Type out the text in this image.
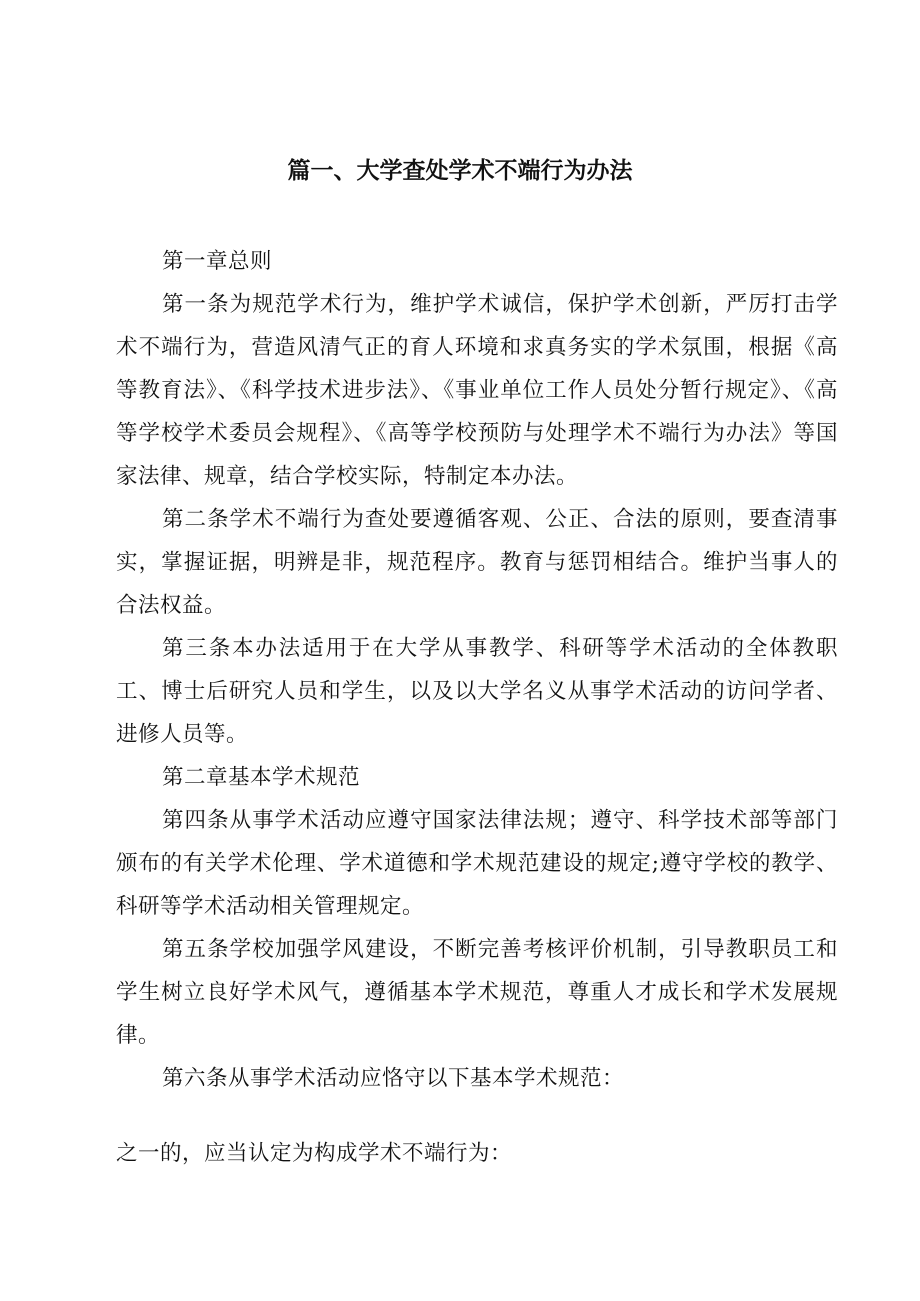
篇一、大学查处学术不端行为办法

第一章总则

第一条为规范学术行为，维护学术诚信，保护学术创新，严厉打击学术不端行为，营造风清气正的育人环境和求真务实的学术氛围，根据《高等教育法》、《科学技术进步法》、《事业单位工作人员处分暂行规定》、《高等学校学术委员会规程》、《高等学校预防与处理学术不端行为办法》等国家法律、规章，结合学校实际，特制定本办法。

第二条学术不端行为查处要遵循客观、公正、合法的原则，要查清事实，掌握证据，明辨是非，规范程序。教育与惩罚相结合。维护当事人的合法权益。

第三条本办法适用于在大学从事教学、科研等学术活动的全体教职工、博士后研究人员和学生，以及以大学名义从事学术活动的访问学者、进修人员等。

第二章基本学术规范

第四条从事学术活动应遵守国家法律法规；遵守、科学技术部等部门颁布的有关学术伦理、学术道德和学术规范建设的规定;遵守学校的教学、科研等学术活动相关管理规定。

第五条学校加强学风建设，不断完善考核评价机制，引导教职员工和学生树立良好学术风气，遵循基本学术规范，尊重人才成长和学术发展规律。

第六条从事学术活动应恪守以下基本学术规范：

之一的，应当认定为构成学术不端行为：
